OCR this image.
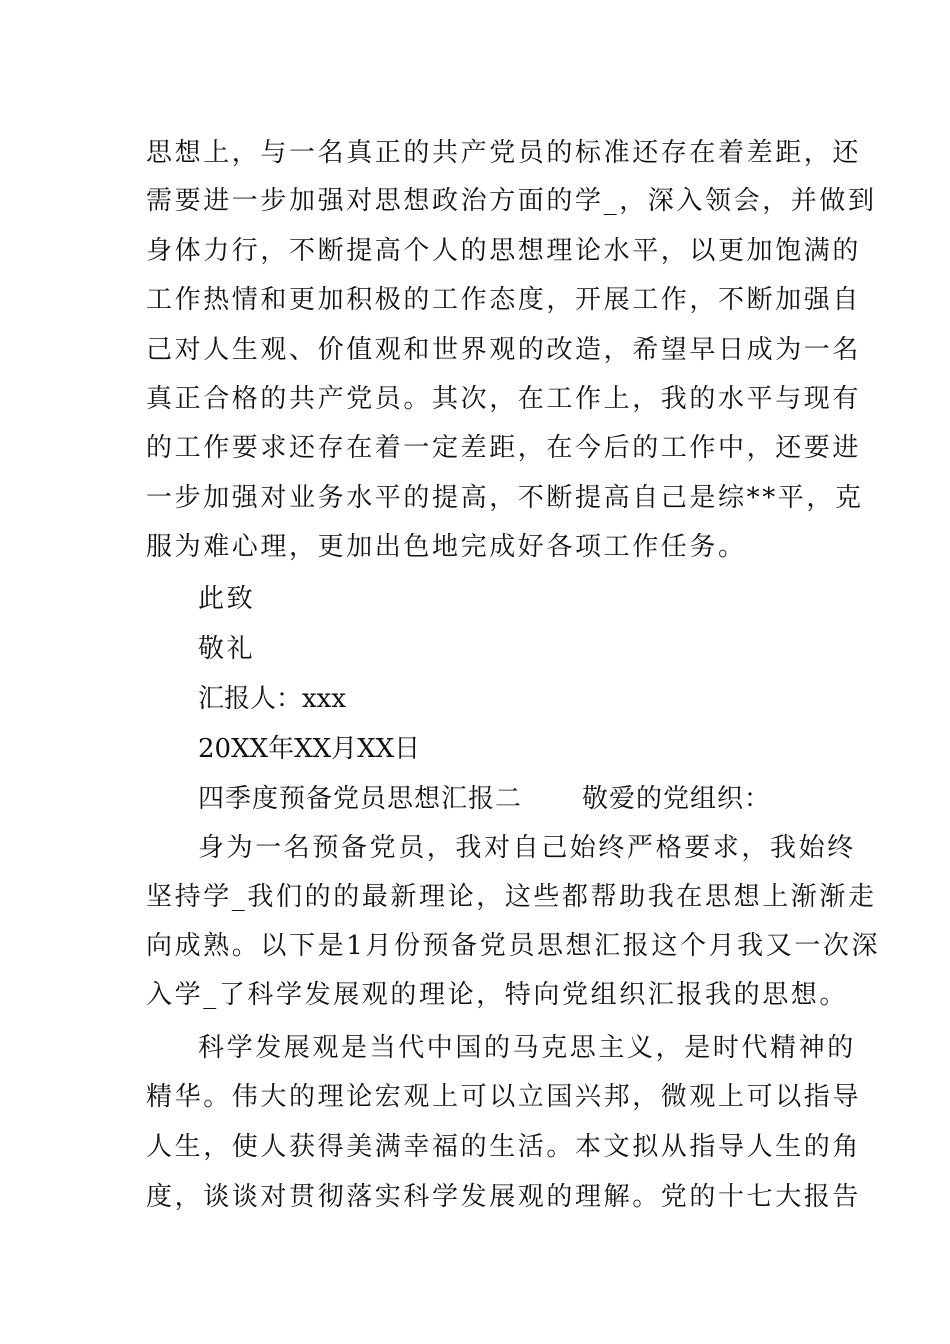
思想上，与一名真正的共产党员的标准还存在着差距，还
需要进一步加强对思想政治方面的学_，深入领会，并做到
身体力行，不断提高个人的思想理论水平，以更加饱满的
工作热情和更加积极的工作态度，开展工作，不断加强自
己对人生观、价值观和世界观的改造，希望早日成为一名
真正合格的共产党员。其次，在工作上，我的水平与现有
的工作要求还存在着一定差距，在今后的工作中，还要进
一步加强对业务水平的提高，不断提高自己是综**平，克
服为难心理，更加出色地完成好各项工作任务。
此致
敬礼
汇报人：xxx
20XX年XX月XX日
四季度预备党员思想汇报二 敬爱的党组织：
身为一名预备党员，我对自己始终严格要求，我始终
坚持学_我们的的最新理论，这些都帮助我在思想上渐渐走
向成熟。以下是1月份预备党员思想汇报这个月我又一次深
入学_了科学发展观的理论，特向党组织汇报我的思想。
科学发展观是当代中国的马克思主义，是时代精神的
精华。伟大的理论宏观上可以立国兴邦，微观上可以指导
人生，使人获得美满幸福的生活。本文拟从指导人生的角
度，谈谈对贯彻落实科学发展观的理解。党的十七大报告
